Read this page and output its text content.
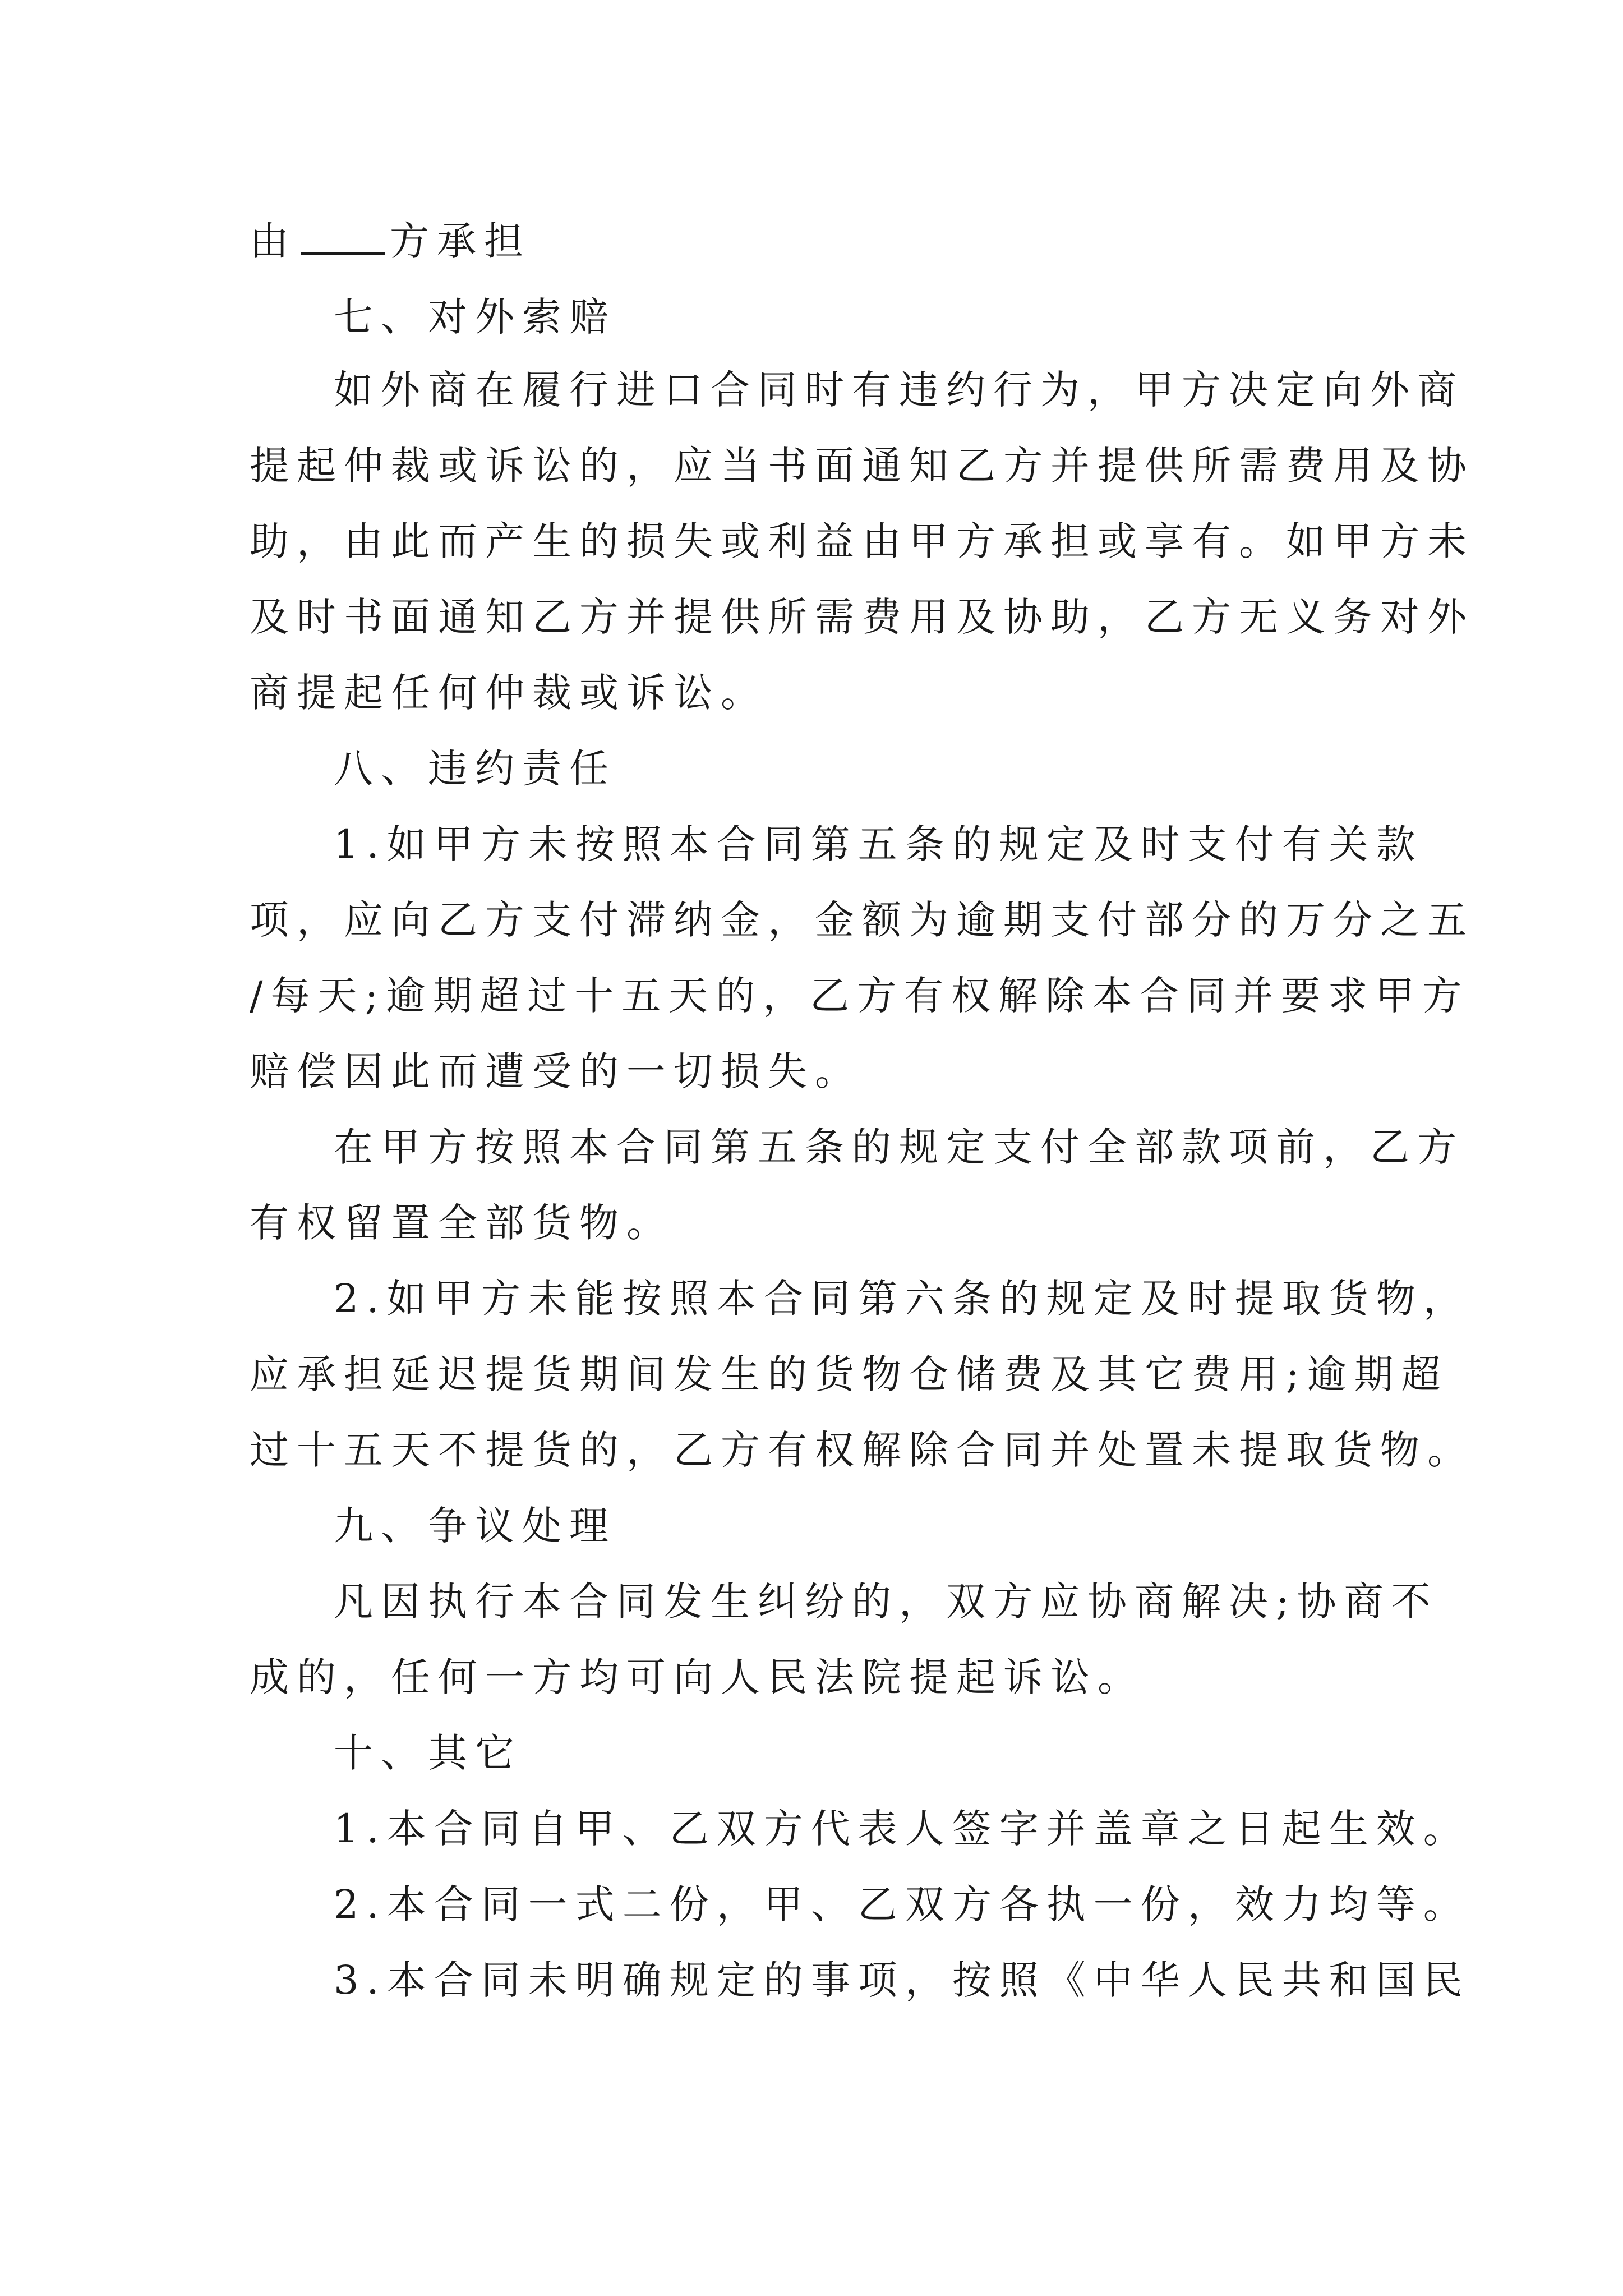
由 方承担
七、对外索赔
如外商在履行进口合同时有违约行为，甲方决定向外商
提起仲裁或诉讼的，应当书面通知乙方并提供所需费用及协
助，由此而产生的损失或利益由甲方承担或享有。如甲方未
及时书面通知乙方并提供所需费用及协助，乙方无义务对外
商提起任何仲裁或诉讼。
八、违约责任
1.如甲方未按照本合同第五条的规定及时支付有关款
项，应向乙方支付滞纳金，金额为逾期支付部分的万分之五
/每天;逾期超过十五天的，乙方有权解除本合同并要求甲方
赔偿因此而遭受的一切损失。
在甲方按照本合同第五条的规定支付全部款项前，乙方
有权留置全部货物。
2.如甲方未能按照本合同第六条的规定及时提取货物，
应承担延迟提货期间发生的货物仓储费及其它费用;逾期超
过十五天不提货的，乙方有权解除合同并处置未提取货物。
九、争议处理
凡因执行本合同发生纠纷的，双方应协商解决;协商不
成的，任何一方均可向人民法院提起诉讼。
十、其它
1.本合同自甲、乙双方代表人签字并盖章之日起生效。
2.本合同一式二份，甲、乙双方各执一份，效力均等。
3.本合同未明确规定的事项，按照《中华人民共和国民
